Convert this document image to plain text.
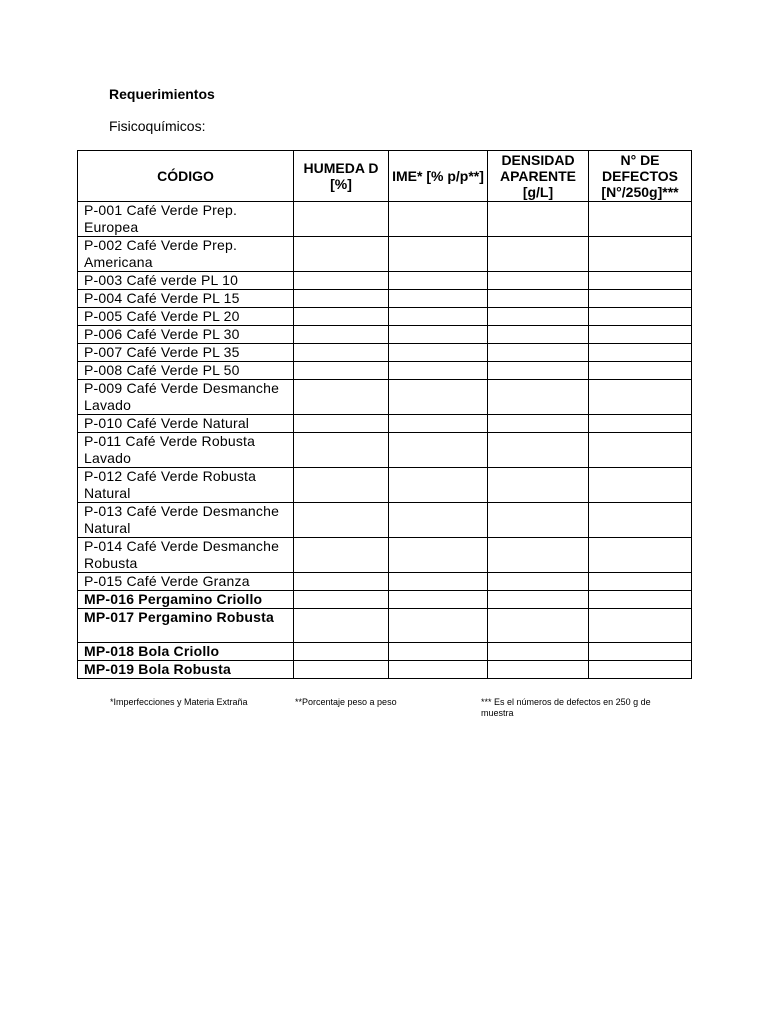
Requerimientos
Fisicoquímicos:
CÓDIGO	HUMEDA D [%]	IME* [% p/p**]	DENSIDAD APARENTE [g/L]	N° DE DEFECTOS [N°/250g]***
P-001 Café Verde Prep. Europea				
P-002 Café Verde Prep. Americana				
P-003 Café verde PL 10				
P-004 Café Verde PL 15				
P-005 Café Verde PL 20				
P-006 Café Verde PL 30				
P-007 Café Verde PL 35				
P-008 Café Verde PL 50				
P-009 Café Verde Desmanche Lavado				
P-010 Café Verde Natural				
P-011 Café Verde Robusta Lavado				
P-012 Café Verde Robusta Natural				
P-013 Café Verde Desmanche Natural				
P-014 Café Verde Desmanche Robusta				
P-015 Café Verde Granza				
MP-016 Pergamino Criollo				
MP-017 Pergamino Robusta				
MP-018 Bola Criollo				
MP-019 Bola Robusta				
*Imperfecciones y Materia Extraña	**Porcentaje peso a peso	*** Es el números de defectos en 250 g de muestra
